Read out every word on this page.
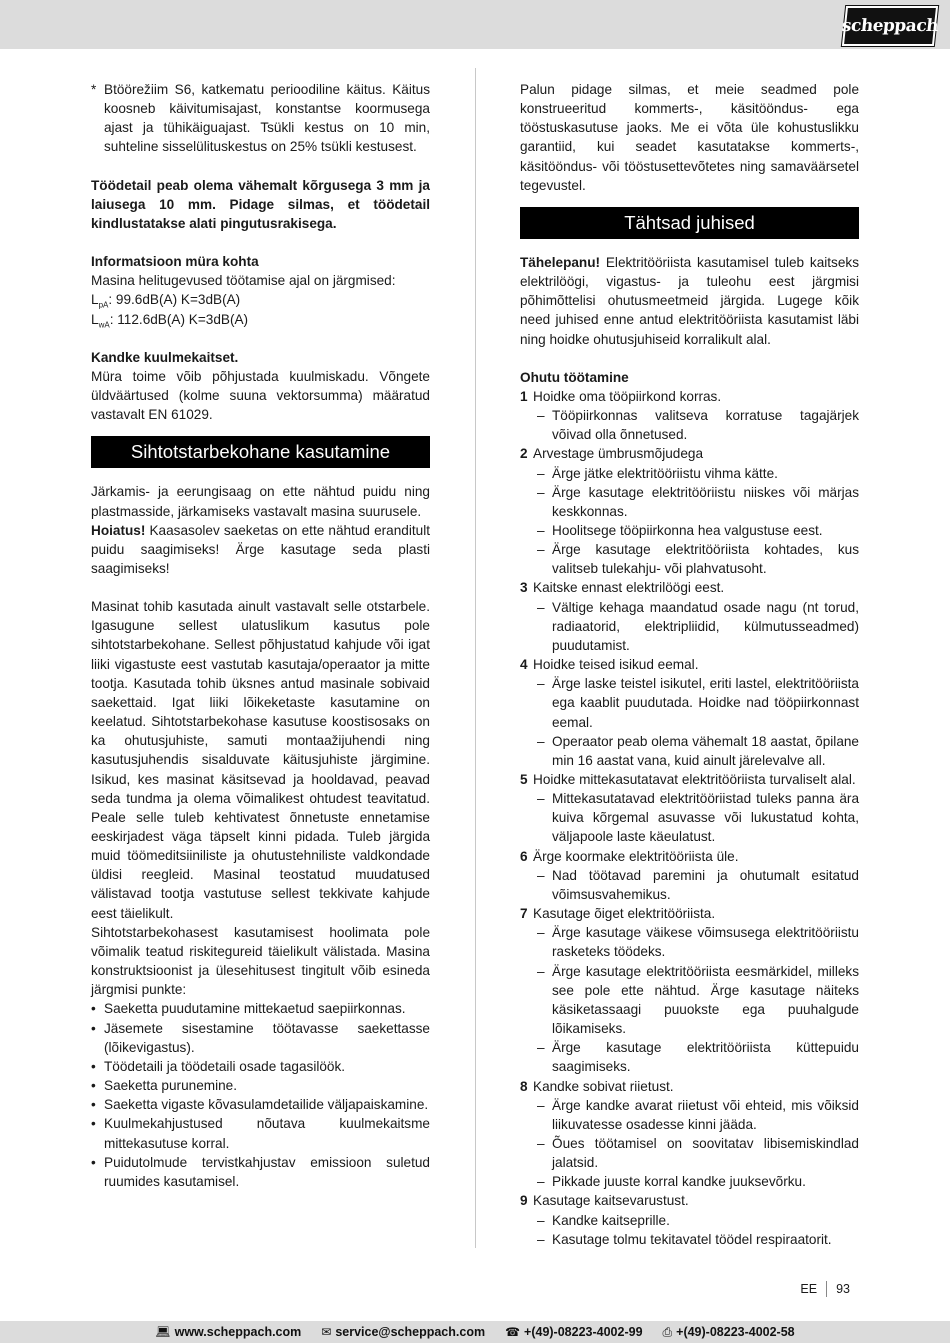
scheppach
* Btöörežiim S6, katkematu perioodiline käitus. Käitus koosneb käivitumisajast, konstantse koormusega ajast ja tühikäiguajast. Tsükli kestus on 10 min, suhteline sisselülituskestus on 25% tsükli kestusest.

Töödetail peab olema vähemalt kõrgusega 3 mm ja laiusega 10 mm. Pidage silmas, et töödetail kindlustatakse alati pingutusrakisega.

Informatsioon müra kohta

Masina helitugevused töötamise ajal on järgmised:

$L_{pA}$: 99.6dB(A) K=3dB(A)

$L_{wA}$: 112.6dB(A) K=3dB(A)

Kandke kuulmekaitset.

Müra toime võib põhjustada kuulmiskadu. Võngete üldväärtused (kolme suuna vektorsumma) määratud vastavalt EN 61029.

Sihtotstarbekohane kasutamine

Järkamis- ja eerungisaag on ette nähtud puidu ning plastmasside, järkamiseks vastavalt masina suurusele.

Hoiatus! Kaasasolev saeketas on ette nähtud eranditult puidu saagimiseks! Ärge kasutage seda plasti saagimiseks!

Masinat tohib kasutada ainult vastavalt selle otstarbele. Igasugune sellest ulatuslikum kasutus pole sihtotstarbekohane. Sellest põhjustatud kahjude või igat liiki vigastuste eest vastutab kasutaja/operaator ja mitte tootja. Kasutada tohib üksnes antud masinale sobivaid saekettaid. Igat liiki lõikeketaste kasutamine on keelatud. Sihtotstarbekohase kasutuse koostisosaks on ka ohutusjuhiste, samuti montaažijuhendi ning kasutusjuhendis sisalduvate käitusjuhiste järgimine. Isikud, kes masinat käsitsevad ja hooldavad, peavad seda tundma ja olema võimalikest ohtudest teavitatud. Peale selle tuleb kehtivatest õnnetuste ennetamise eeskirjadest väga täpselt kinni pidada. Tuleb järgida muid töömeditsiiniliste ja ohutustehniliste valdkondade üldisi reegleid. Masinal teostatud muudatused välistavad tootja vastutuse sellest tekkivate kahjude eest täielikult.

Sihtotstarbekohasest kasutamisest hoolimata pole võimalik teatud riskitegureid täielikult välistada. Masina konstruktsioonist ja ülesehitusest tingitult võib esineda järgmisi punkte:

• Saeketta puudutamine mittekaetud saepiirkonnas.
• Jäsemete sisestamine töötavasse saekettasse (lõikevigastus).
• Töödetaili ja töödetaili osade tagasilöök.
• Saeketta purunemine.
• Saeketta vigaste kõvasulamdetailide väljapaiskamine.
• Kuulmekahjustused nõutava kuulmekaitsme mittekasutuse korral.
• Puidutolmude tervistkahjustav emissioon suletud ruumides kasutamisel.

Palun pidage silmas, et meie seadmed pole konstrueeritud kommerts-, käsitööndus- ega tööstuskasutuse jaoks. Me ei võta üle kohustuslikku garantiid, kui seadet kasutatakse kommerts-, käsitööndus- või tööstusettevõtetes ning samaväärsetel tegevustel.

Tähtsad juhised

Tähelepanu! Elektritööriista kasutamisel tuleb kaitseks elektrilöögi, vigastus- ja tuleohu eest järgmisi põhimõttelisi ohutusmeetmeid järgida. Lugege kõik need juhised enne antud elektritööriista kasutamist läbi ning hoidke ohutusjuhiseid korralikult alal.

Ohutu töötamine

1 Hoidke oma tööpiirkond korras.
– Tööpiirkonnas valitseva korratuse tagajärjek võivad olla õnnetused.
2 Arvestage ümbrusmõjudega
– Ärge jätke elektritööriistu vihma kätte.
– Ärge kasutage elektritööriistu niiskes või märjas keskkonnas.
– Hoolitsege tööpiirkonna hea valgustuse eest.
– Ärge kasutage elektritööriista kohtades, kus valitseb tulekahju- või plahvatusoht.
3 Kaitske ennast elektrilöögi eest.
– Vältige kehaga maandatud osade nagu (nt torud, radiaatorid, elektripliidid, külmutusseadmed) puudutamist.
4 Hoidke teised isikud eemal.
– Ärge laske teistel isikutel, eriti lastel, elektritööriista ega kaablit puudutada. Hoidke nad tööpiirkonnast eemal.
– Operaator peab olema vähemalt 18 aastat, õpilane min 16 aastat vana, kuid ainult järelevalve all.
5 Hoidke mittekasutatavat elektritööriista turvaliselt alal.
– Mittekasutatavad elektritööriistad tuleks panna ära kuiva kõrgemal asuvasse või lukustatud kohta, väljapoole laste käeulatust.
6 Ärge koormake elektritööriista üle.
– Nad töötavad paremini ja ohutumalt esitatud võimsusvahemikus.
7 Kasutage õiget elektritööriista.
– Ärge kasutage väikese võimsusega elektritööriistu rasketeks töödeks.
– Ärge kasutage elektritööriista eesmärkidel, milleks see pole ette nähtud. Ärge kasutage näiteks käsiketassaagi puuokste ega puuhalgude lõikamiseks.
– Ärge kasutage elektritööriista küttepuidu saagimiseks.
8 Kandke sobivat riietust.
– Ärge kandke avarat riietust või ehteid, mis võiksid liikuvatesse osadesse kinni jääda.
– Õues töötamisel on soovitatav libisemiskindlad jalatsid.
– Pikkade juuste korral kandke juuksevõrku.
9 Kasutage kaitsevarustust.
– Kandke kaitseprille.
– Kasutage tolmu tekitavatel töödel respiraatorit.
EE 93
💻︎ www.scheppach.com ✉︎ service@scheppach.com ☎︎ +(49)-08223-4002-99 ⎙ +(49)-08223-4002-58
